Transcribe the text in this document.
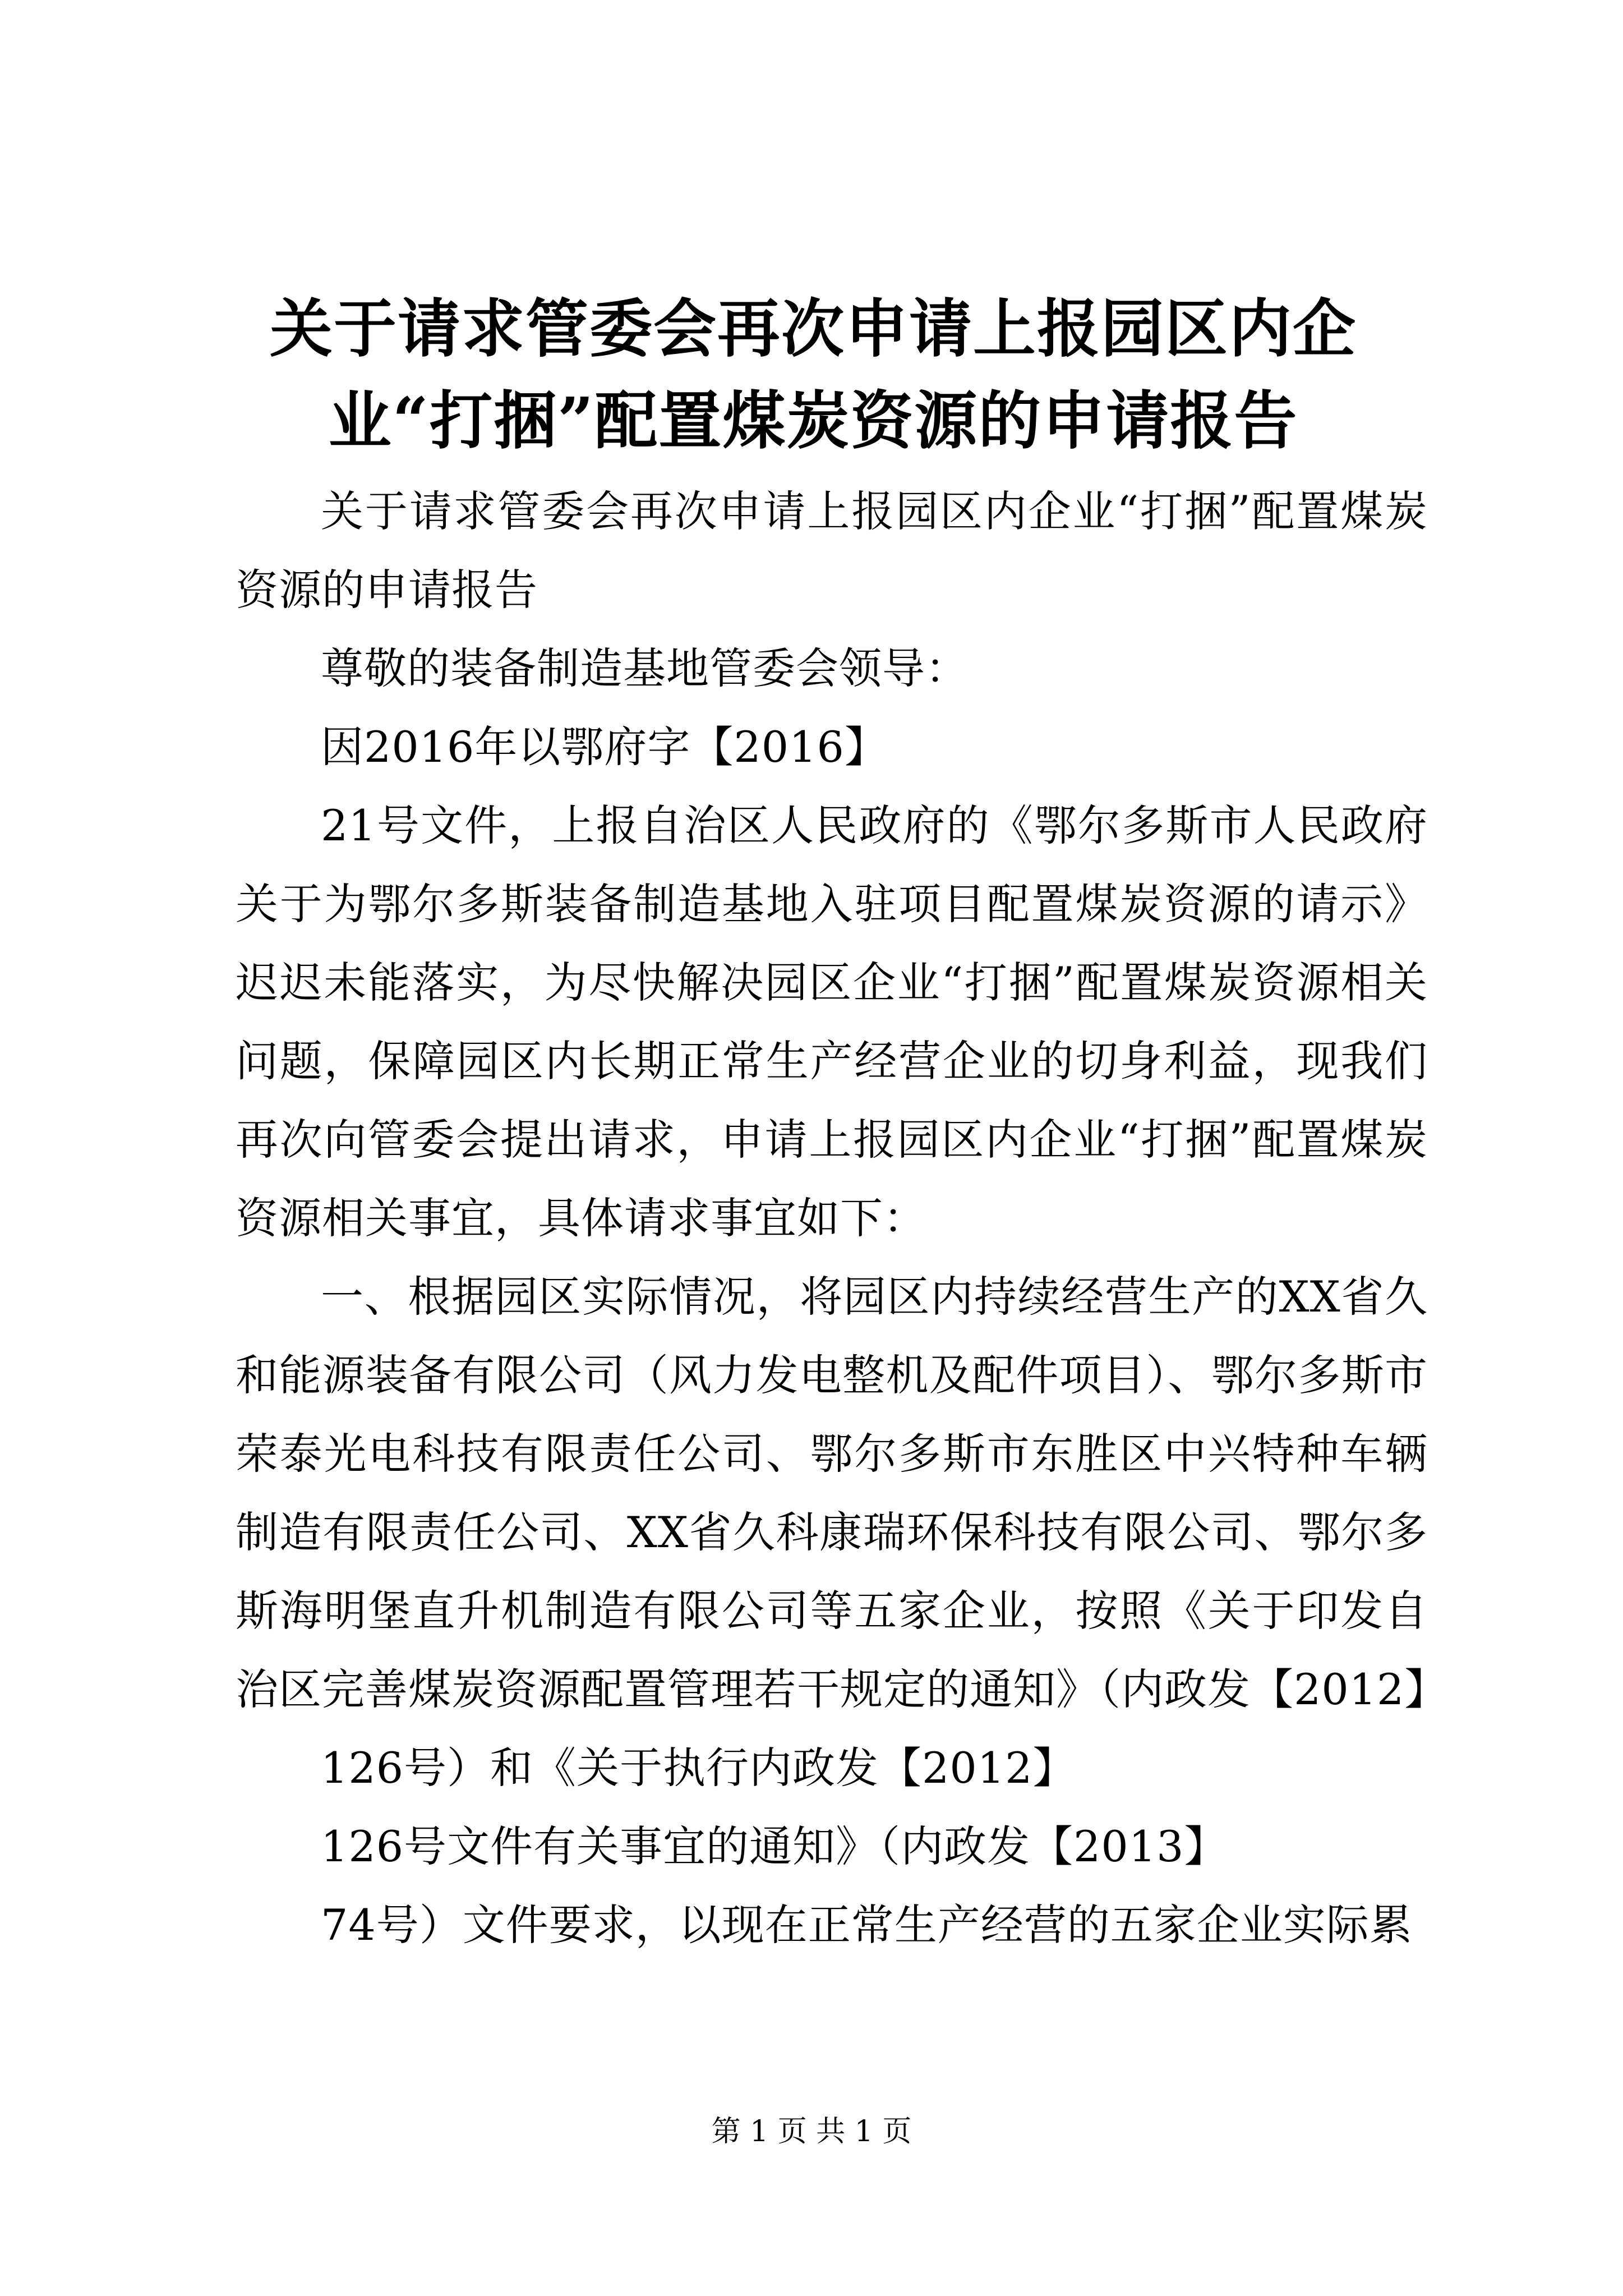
关于请求管委会再次申请上报园区内企业“打捆”配置煤炭资源的申请报告

关于请求管委会再次申请上报园区内企业“打捆”配置煤炭资源的申请报告

尊敬的装备制造基地管委会领导：

因2016年以鄂府字【2016】

21号文件，上报自治区人民政府的《鄂尔多斯市人民政府关于为鄂尔多斯装备制造基地入驻项目配置煤炭资源的请示》迟迟未能落实，为尽快解决园区企业“打捆”配置煤炭资源相关问题，保障园区内长期正常生产经营企业的切身利益，现我们再次向管委会提出请求，申请上报园区内企业“打捆”配置煤炭资源相关事宜，具体请求事宜如下：

一、根据园区实际情况，将园区内持续经营生产的XX省久和能源装备有限公司（风力发电整机及配件项目）、鄂尔多斯市荣泰光电科技有限责任公司、鄂尔多斯市东胜区中兴特种车辆制造有限责任公司、XX省久科康瑞环保科技有限公司、鄂尔多斯海明堡直升机制造有限公司等五家企业，按照《关于印发自治区完善煤炭资源配置管理若干规定的通知》（内政发【2012】

126号）和《关于执行内政发【2012】

126号文件有关事宜的通知》（内政发【2013】

74号）文件要求，以现在正常生产经营的五家企业实际累

第 1 页 共 1 页
